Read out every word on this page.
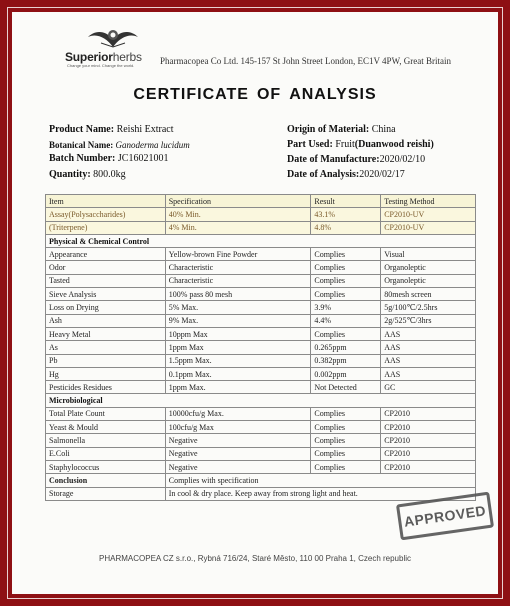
Superiorherbs
Change your mind. Change the world.	Pharmacopea Co Ltd. 145-157 St John Street London, EC1V 4PW, Great Britain
CERTIFICATE OF ANALYSIS
Product Name: Reishi Extract
Botanical Name: Ganoderma lucidum
Batch Number: JC16021001
Quantity: 800.0kg
Origin of Material: China
Part Used: Fruit(Duanwood reishi)
Date of Manufacture:2020/02/10
Date of Analysis:2020/02/17
Item	Specification	Result	Testing Method
Assay(Polysaccharides)	40% Min.	43.1%	CP2010-UV
(Triterpene)	4% Min.	4.8%	CP2010-UV
Physical & Chemical Control			
Appearance	Yellow-brown Fine Powder	Complies	Visual
Odor	Characteristic	Complies	Organoleptic
Tasted	Characteristic	Complies	Organoleptic
Sieve Analysis	100% pass 80 mesh	Complies	80mesh screen
Loss on Drying	5% Max.	3.9%	5g/100℃/2.5hrs
Ash	9% Max.	4.4%	2g/525℃/3hrs
Heavy Metal	10ppm Max	Complies	AAS
As	1ppm Max	0.265ppm	AAS
Pb	1.5ppm Max.	0.382ppm	AAS
Hg	0.1ppm Max.	0.002ppm	AAS
Pesticides Residues	1ppm Max.	Not Detected	GC
Microbiological			
Total Plate Count	10000cfu/g Max.	Complies	CP2010
Yeast & Mould	100cfu/g Max	Complies	CP2010
Salmonella	Negative	Complies	CP2010
E.Coli	Negative	Complies	CP2010
Staphylococcus	Negative	Complies	CP2010
Conclusion	Complies with specification		
Storage	In cool & dry place. Keep away from strong light and heat.		
APPROVED
PHARMACOPEA CZ s.r.o., Rybná 716/24, Staré Město, 110 00 Praha 1, Czech republic
